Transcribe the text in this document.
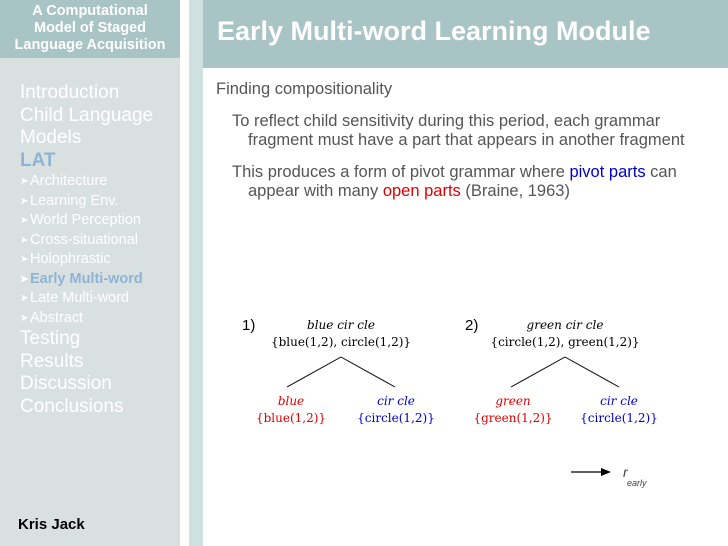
A Computational
Model of Staged
Language Acquisition
Introduction
Child Language
Models
LAT
➤ Architecture
➤ Learning Env.
➤ World Perception
➤ Cross-situational
➤ Holophrastic
➤ Early Multi-word
➤ Late Multi-word
➤ Abstract
Testing
Results
Discussion
Conclusions
Kris Jack
Early Multi-word Learning Module
Finding compositionality
To reflect child sensitivity during this period, each grammar fragment must have a part that appears in another fragment
This produces a form of pivot grammar where pivot parts can appear with many open parts (Braine, 1963)
1)	blue cir cle
{blue(1,2), circle(1,2)}
blue
{blue(1,2)}
cir cle
{circle(1,2)}
2)	green cir cle
{circle(1,2), green(1,2)}
green
{green(1,2)}
cir cle
{circle(1,2)}
r
early
